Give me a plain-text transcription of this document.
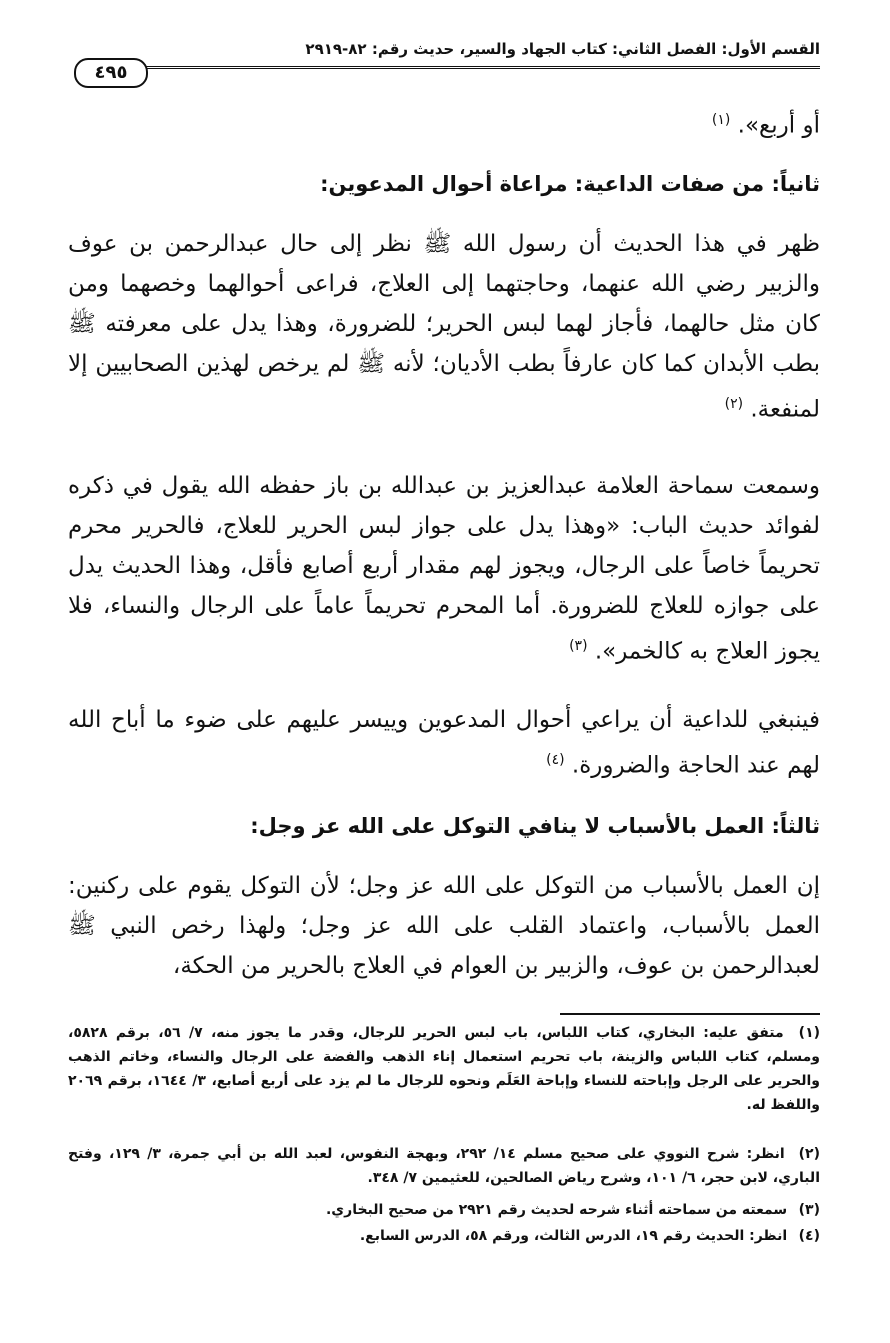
القسم الأول: الفصل الثاني: كتاب الجهاد والسير، حديث رقم: ٨٢-٢٩١٩
٤٩٥
أو أربع». $^{(١)}$
ثانياً: من صفات الداعية: مراعاة أحوال المدعوين:
ظهر في هذا الحديث أن رسول الله ﷺ نظر إلى حال عبدالرحمن بن عوف والزبير رضي الله عنهما، وحاجتهما إلى العلاج، فراعى أحوالهما وخصهما ومن كان مثل حالهما، فأجاز لهما لبس الحرير؛ للضرورة، وهذا يدل على معرفته ﷺ بطب الأبدان كما كان عارفاً بطب الأديان؛ لأنه ﷺ لم يرخص لهذين الصحابيين إلا لمنفعة. $^{(٢)}$
وسمعت سماحة العلامة عبدالعزيز بن عبدالله بن باز حفظه الله يقول في ذكره لفوائد حديث الباب: «وهذا يدل على جواز لبس الحرير للعلاج، فالحرير محرم تحريماً خاصاً على الرجال، ويجوز لهم مقدار أربع أصابع فأقل، وهذا الحديث يدل على جوازه للعلاج للضرورة. أما المحرم تحريماً عاماً على الرجال والنساء، فلا يجوز العلاج به كالخمر». $^{(٣)}$
فينبغي للداعية أن يراعي أحوال المدعوين وييسر عليهم على ضوء ما أباح الله لهم عند الحاجة والضرورة. $^{(٤)}$
ثالثاً: العمل بالأسباب لا ينافي التوكل على الله عز وجل:
إن العمل بالأسباب من التوكل على الله عز وجل؛ لأن التوكل يقوم على ركنين: العمل بالأسباب، واعتماد القلب على الله عز وجل؛ ولهذا رخص النبي ﷺ لعبدالرحمن بن عوف، والزبير بن العوام في العلاج بالحرير من الحكة،
(١) متفق عليه: البخاري، كتاب اللباس، باب لبس الحرير للرجال، وقدر ما يجوز منه، ٧/ ٥٦، برقم ٥٨٢٨، ومسلم، كتاب اللباس والزينة، باب تحريم استعمال إناء الذهب والفضة على الرجال والنساء، وخاتم الذهب والحرير على الرجل وإباحته للنساء وإباحة العَلَم ونحوه للرجال ما لم يزد على أربع أصابع، ٣/ ١٦٤٤، برقم ٢٠٦٩ واللفظ له.
(٢) انظر: شرح النووي على صحيح مسلم ١٤/ ٢٩٢، وبهجة النفوس، لعبد الله بن أبي جمرة، ٣/ ١٢٩، وفتح الباري، لابن حجر، ٦/ ١٠١، وشرح رياض الصالحين، للعثيمين ٧/ ٣٤٨.
(٣) سمعته من سماحته أثناء شرحه لحديث رقم ٢٩٢١ من صحيح البخاري.
(٤) انظر: الحديث رقم ١٩، الدرس الثالث، ورقم ٥٨، الدرس السابع.
